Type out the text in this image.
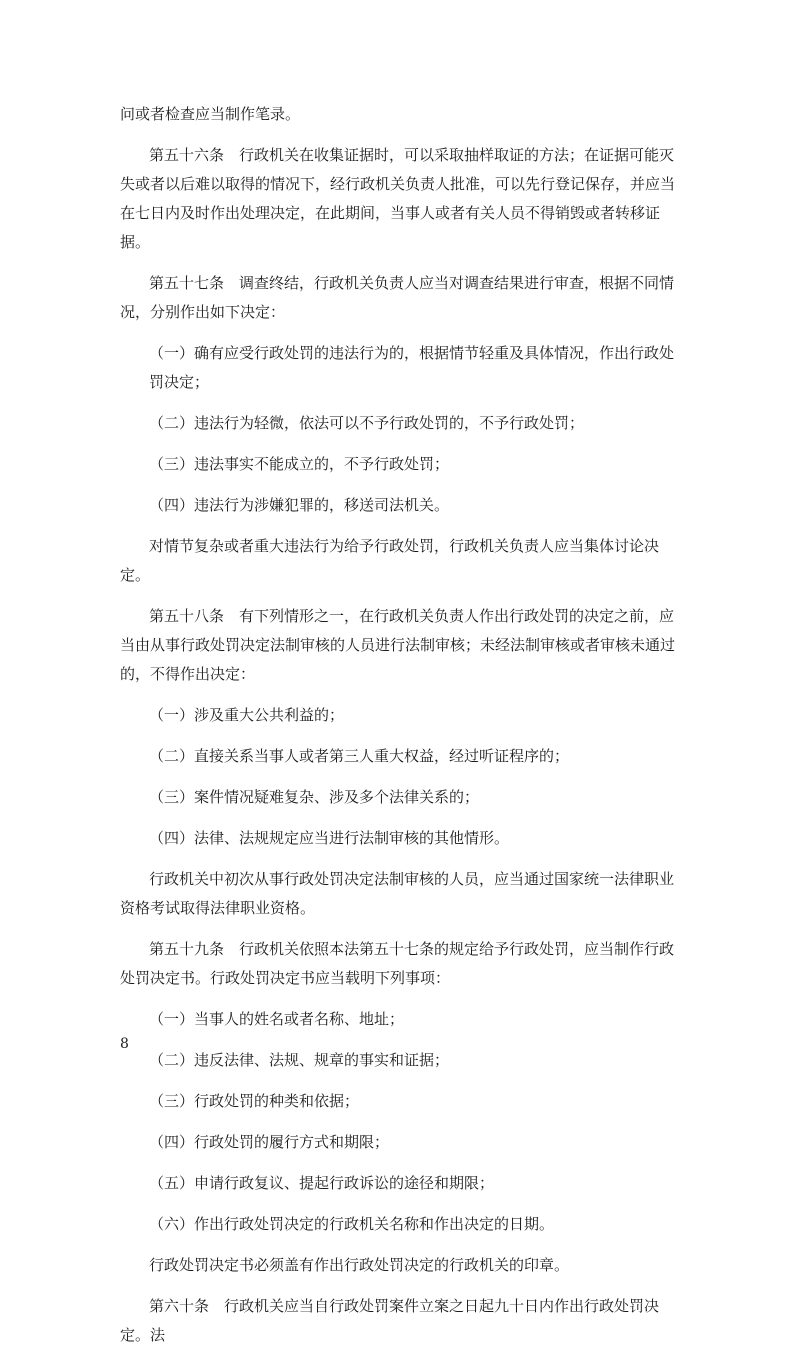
问或者检查应当制作笔录。

第五十六条　行政机关在收集证据时，可以采取抽样取证的方法；在证据可能灭失或者以后难以取得的情况下，经行政机关负责人批准，可以先行登记保存，并应当在七日内及时作出处理决定，在此期间，当事人或者有关人员不得销毁或者转移证据。

第五十七条　调查终结，行政机关负责人应当对调查结果进行审查，根据不同情况，分别作出如下决定：

（一）确有应受行政处罚的违法行为的，根据情节轻重及具体情况，作出行政处罚决定；

（二）违法行为轻微，依法可以不予行政处罚的，不予行政处罚；

（三）违法事实不能成立的，不予行政处罚；

（四）违法行为涉嫌犯罪的，移送司法机关。

对情节复杂或者重大违法行为给予行政处罚，行政机关负责人应当集体讨论决定。

第五十八条　有下列情形之一，在行政机关负责人作出行政处罚的决定之前，应当由从事行政处罚决定法制审核的人员进行法制审核；未经法制审核或者审核未通过的，不得作出决定：

（一）涉及重大公共利益的；

（二）直接关系当事人或者第三人重大权益，经过听证程序的；

（三）案件情况疑难复杂、涉及多个法律关系的；

（四）法律、法规规定应当进行法制审核的其他情形。

行政机关中初次从事行政处罚决定法制审核的人员，应当通过国家统一法律职业资格考试取得法律职业资格。

第五十九条　行政机关依照本法第五十七条的规定给予行政处罚，应当制作行政处罚决定书。行政处罚决定书应当载明下列事项：

（一）当事人的姓名或者名称、地址；

（二）违反法律、法规、规章的事实和证据；

（三）行政处罚的种类和依据；

（四）行政处罚的履行方式和期限；

（五）申请行政复议、提起行政诉讼的途径和期限；

（六）作出行政处罚决定的行政机关名称和作出决定的日期。

行政处罚决定书必须盖有作出行政处罚决定的行政机关的印章。

第六十条　行政机关应当自行政处罚案件立案之日起九十日内作出行政处罚决定。法

8
